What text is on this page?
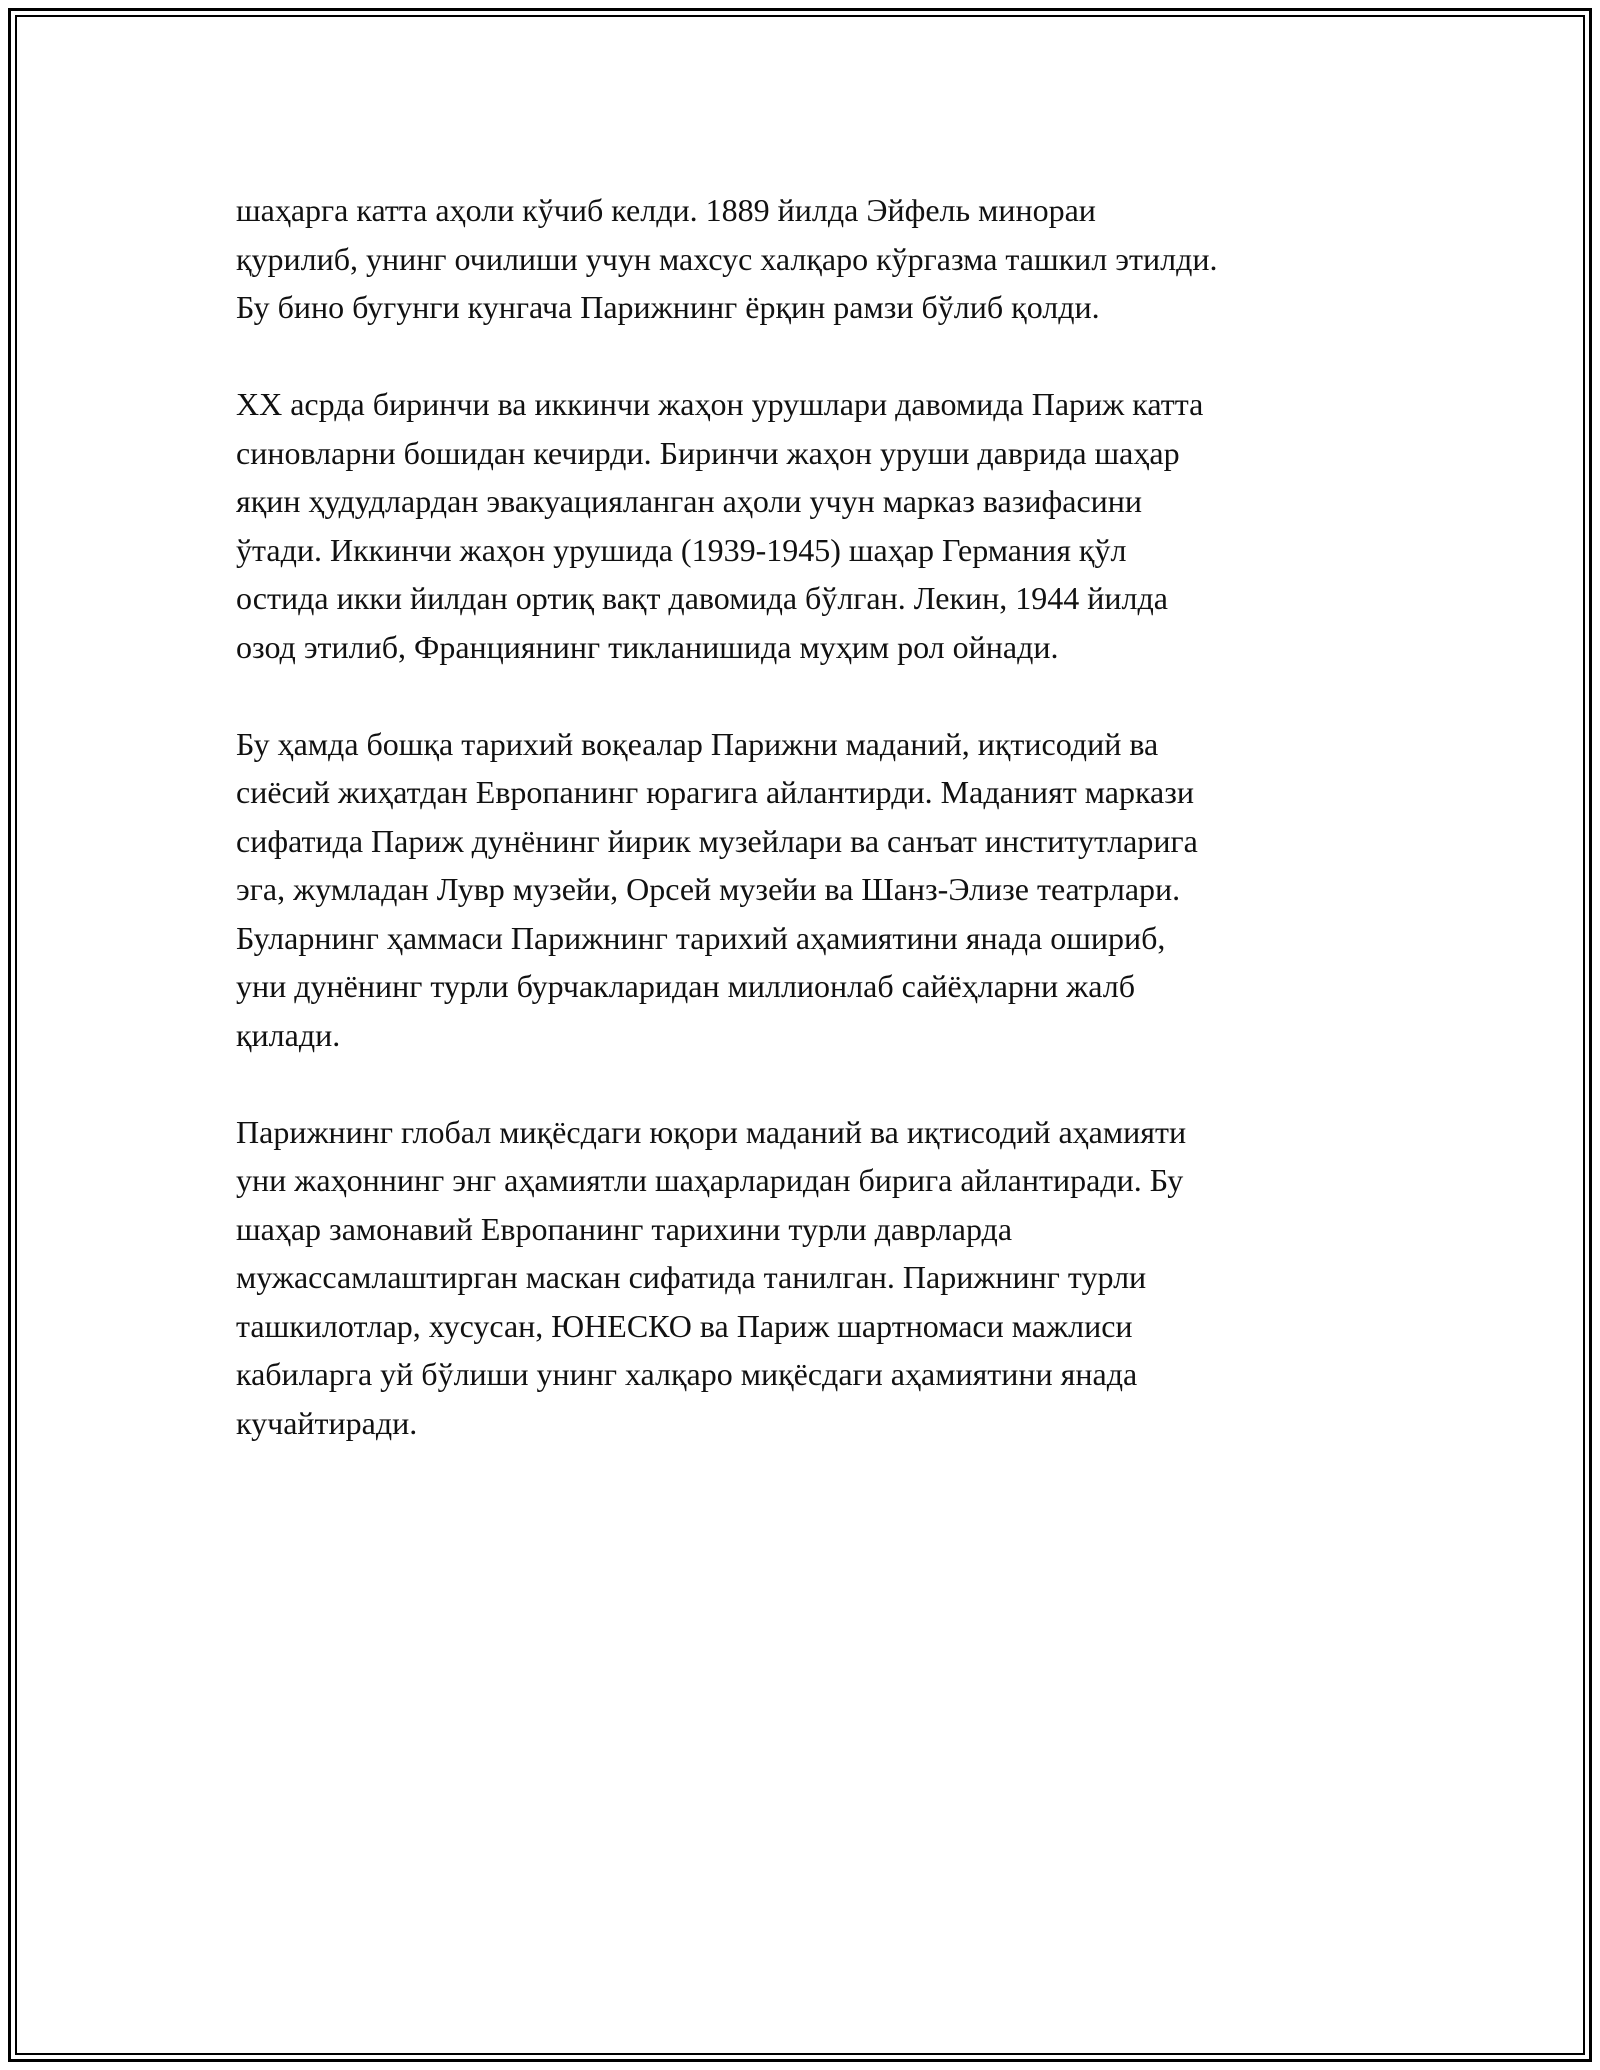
шаҳарга катта аҳоли кўчиб келди. 1889 йилда Эйфель минораи
қурилиб, унинг очилиши учун махсус халқаро кўргазма ташкил этилди.
Бу бино бугунги кунгача Парижнинг ёрқин рамзи бўлиб қолди.

XX асрда биринчи ва иккинчи жаҳон урушлари давомида Париж катта
синовларни бошидан кечирди. Биринчи жаҳон уруши даврида шаҳар
яқин ҳудудлардан эвакуацияланган аҳоли учун марказ вазифасини
ўтади. Иккинчи жаҳон урушида (1939-1945) шаҳар Германия қўл
остида икки йилдан ортиқ вақт давомида бўлган. Лекин, 1944 йилда
озод этилиб, Франциянинг тикланишида муҳим рол ойнади.

Бу ҳамда бошқа тарихий воқеалар Парижни маданий, иқтисодий ва
сиёсий жиҳатдан Европанинг юрагига айлантирди. Маданият маркази
сифатида Париж дунёнинг йирик музейлари ва санъат институтларига
эга, жумладан Лувр музейи, Орсей музейи ва Шанз-Элизе театрлари.
Буларнинг ҳаммаси Парижнинг тарихий аҳамиятини янада ошириб,
уни дунёнинг турли бурчакларидан миллионлаб сайёҳларни жалб
қилади.

Парижнинг глобал миқёсдаги юқори маданий ва иқтисодий аҳамияти
уни жаҳоннинг энг аҳамиятли шаҳарларидан бирига айлантиради. Бу
шаҳар замонавий Европанинг тарихини турли даврларда
мужассамлаштирган маскан сифатида танилган. Парижнинг турли
ташкилотлар, хусусан, ЮНЕСКО ва Париж шартномаси мажлиси
кабиларга уй бўлиши унинг халқаро миқёсдаги аҳамиятини янада
кучайтиради.
